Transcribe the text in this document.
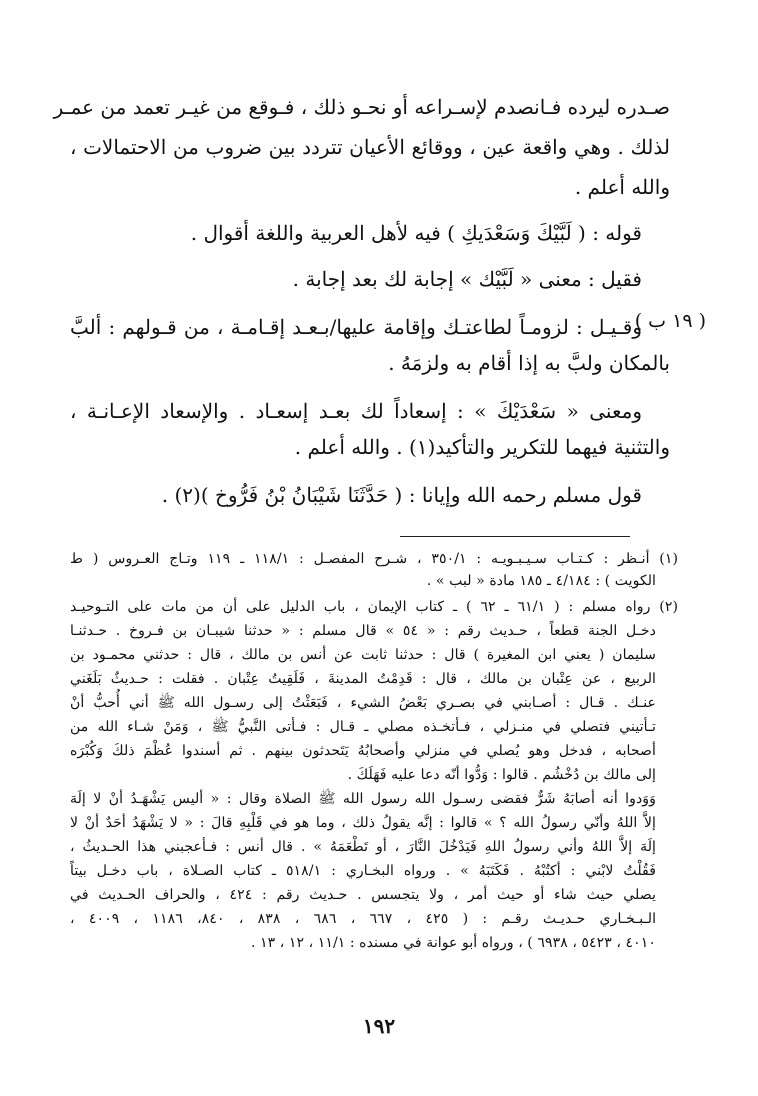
( ١٩ ب )
صـدره ليرده فـانصدم لإسـراعه أو نحـو ذلك ، فـوقع من غيـر تعمد من عمـر
لذلك . وهي واقعة عين ، ووقائع الأعيان تتردد بين ضروب من الاحتمالات ،
والله أعلم .
قوله : ( لَبَّيْكَ وَسَعْدَيكِ ) فيه لأهل العربية واللغة أقوال .
فقيل : معنى « لَبَّيْك » إجابة لك بعد إجابة .
وقـيـل : لزومـاً لطاعتـك وإقامة عليها/بـعـد إقـامـة ، من قـولهم : ألبَّ
بالمكان ولبَّ به إذا أقام به ولزمَهُ .
ومعنى « سَعْدَيْكَ » : إسعاداً لك بعـد إسعـاد . والإسعاد الإعـانـة ،
والتثنية فيهما للتكرير والتأكيد(١) . والله أعلم .
قول مسلم رحمه الله وإيانا : ( حَدَّثَنَا شَيْبَانُ بْنُ فَرُّوخ )(٢) .
(١) أنـظر : كـتـاب سـيـبـويـه : ٣٥٠/١ ، شـرح المفصـل : ١١٨/١ ـ ١١٩ وتـاج العـروس ( ط
الكويت ) : ٤/١٨٤ ـ ١٨٥ مادة « لبب » .
(٢) رواه مسلم : ( ٦١/١ ـ ٦٢ ) ـ كتاب الإيمان ، باب الدليل على أن من مات على التـوحيـد
دخـل الجنة قطعاً ، حـديث رقم : « ٥٤ » قال مسلم : « حدثنا شيبـان بن فـروخ . حـدثنـا
سليمان ( يعني ابن المغيرة ) قال : حدثنا ثابت عن أنس بن مالك ، قال : حدثني محمـود بن
الربيع ، عن عِتْبان بن مالك ، قال : قَدِمْتُ المدينةَ ، فَلَقِيتُ عِتْبان . فقلت : حـديثٌ بَلَغَني
عنـك . قـال : أصـابني في بصـري بَعْضُ الشيء ، فَبَعَثْتُ إلى رسـول الله ﷺ أني أُحبُّ أنْ
تـأتيني فتصلي في منـزلي ، فـأتخـذه مصلي ـ قـال : فـأتى النَّبيُّ ﷺ ، وَمَنْ شـاء الله من
أصحابه ، فدخل وهو يُصلي في منزلي وأصحابُهُ يَتَحدثون بينهم . ثم أسندوا عُظْمَ ذلكَ وَكُبْرَه
إلى مالك بن دُخْشُم . قالوا : وَدُّوا أنّه دعا عليه فَهَلَكَ .
وَوَدوا أنه أصابَهُ شَرٌّ فقضى رسـول الله رسول الله ﷺ الصلاة وقال : « أليس يَشْهَـدُ أنْ لا إلَهَ
إلاَّ اللهُ وأنّي رسولُ الله ؟ » قالوا : إنَّه يقولُ ذلك ، وما هو في قَلْبِهِ قالَ : « لا يَشْهَدُ أحَدٌ أنْ لا
إلَهَ إلاَّ اللهُ وأني رسولُ اللهِ فَيَدْخُلَ النَّارَ ، أو تَطْعَمَهُ » . قال أنس : فـأعجبني هذا الحـديثُ ،
فَقُلْتُ لابْني : أكتُبْهُ . فَكَتَبَهُ » . ورواه البخـاري : ٥١٨/١ ـ كتاب الصـلاة ، باب دخـل بيتاً
يصلي حيث شاء أو حيث أمر ، ولا يتجسس . حـديث رقم : ٤٢٤ ، والحراف الحـديث في
الـبـخـاري حـديـث رقـم : ( ٤٢٥ ، ٦٦٧ ، ٦٨٦ ، ٨٣٨ ، ٨٤٠، ١١٨٦ ، ٤٠٠٩ ،
٤٠١٠ ، ٥٤٢٣ ، ٦٩٣٨ ) ، ورواه أبو عوانة في مسنده : ١١/١ ، ١٢ ، ١٣ .
١٩٢
